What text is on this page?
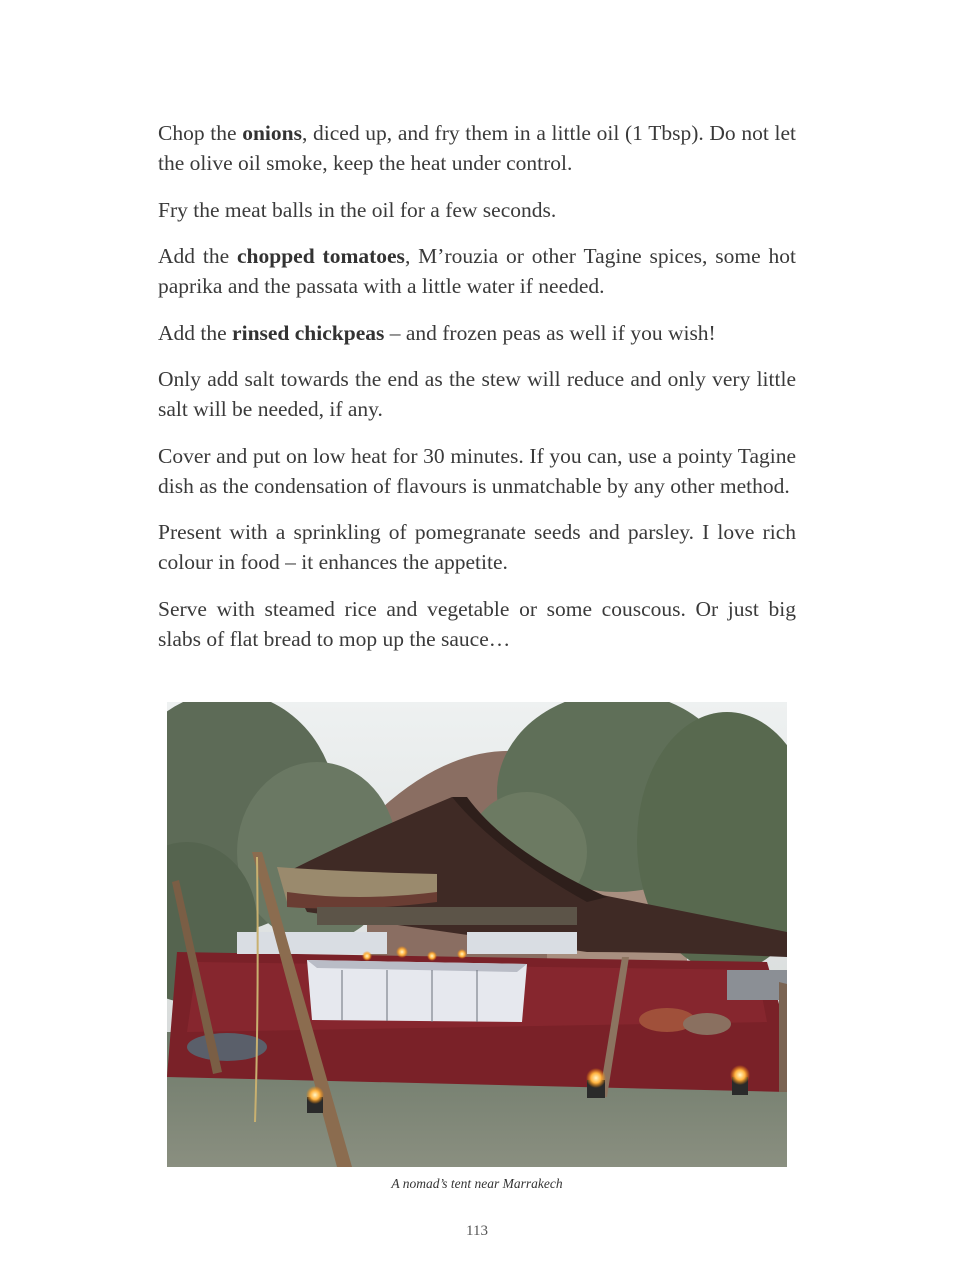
Chop the onions, diced up, and fry them in a little oil (1 Tbsp). Do not let the olive oil smoke, keep the heat under control.

Fry the meat balls in the oil for a few seconds.

Add the chopped tomatoes, M’rouzia or other Tagine spices, some hot paprika and the passata with a little water if needed.

Add the rinsed chickpeas – and frozen peas as well if you wish!

Only add salt towards the end as the stew will reduce and only very little salt will be needed, if any.

Cover and put on low heat for 30 minutes. If you can, use a pointy Tagine dish as the condensation of flavours is unmatchable by any other method.

Present with a sprinkling of pomegranate seeds and parsley. I love rich colour in food – it enhances the appetite.

Serve with steamed rice and vegetable or some couscous. Or just big slabs of flat bread to mop up the sauce…

A nomad’s tent near Marrakech
113
